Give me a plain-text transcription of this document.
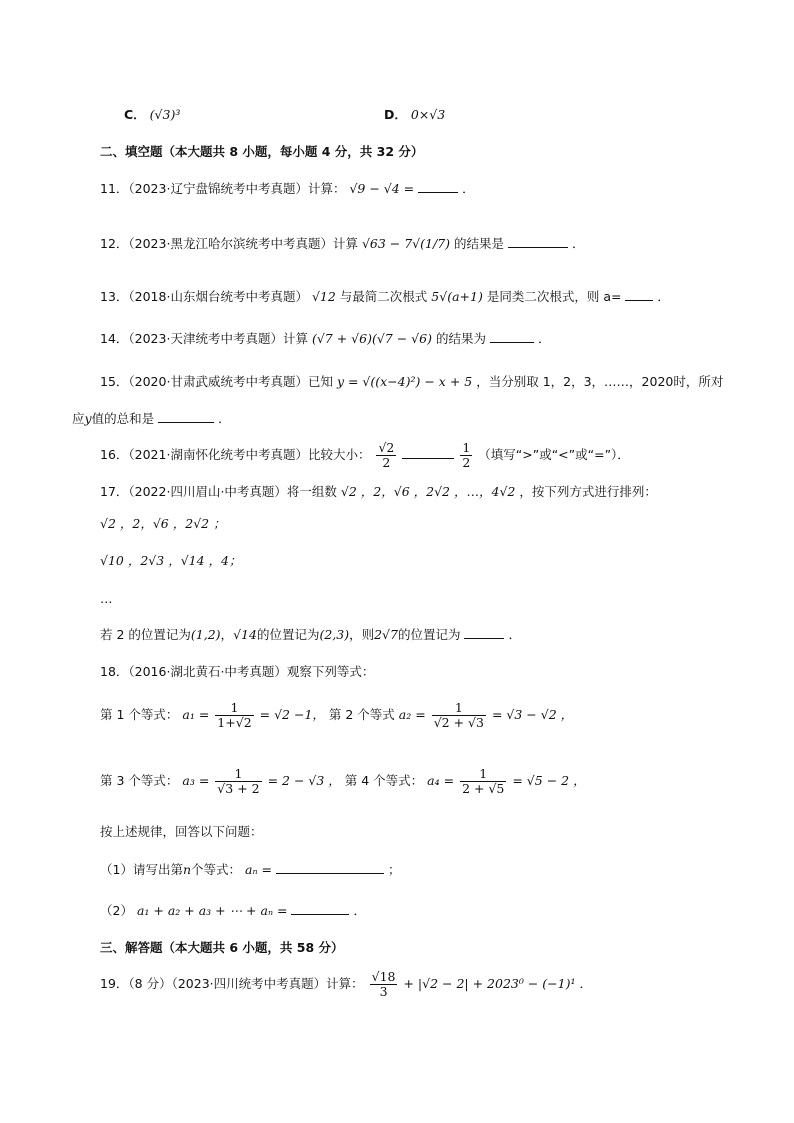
C． (√3)³	D． 0×√3
二、填空题（本大题共 8 小题，每小题 4 分，共 32 分）
11．（2023·辽宁盘锦统考中考真题）计算： √9 − √4 =	．
12．（2023·黑龙江哈尔滨统考中考真题）计算 √63 − 7√(1/7) 的结果是	．
13．（2018·山东烟台统考中考真题） √12 与最简二次根式 5√(a+1) 是同类二次根式，则 a=	．
14．（2023·天津统考中考真题）计算 (√7 + √6)(√7 − √6) 的结果为	．
15．（2020·甘肃武威统考中考真题）已知 y = √((x−4)²) − x + 5 ，当分别取 1，2，3，……，2020时，所对
应y值的总和是	．
16．（2021·湖南怀化统考中考真题）比较大小： $\frac{√2}{2}$
	$\frac{1}{2}$ （填写“>”或“<”或“=”）．
17．（2022·四川眉山·中考真题）将一组数 √2 ，2，√6 ，2√2 ，…，4√2 ，按下列方式进行排列：
√2 ，2，√6 ，2√2 ；
√10 ，2√3 ，√14 ，4；
…
若 2 的位置记为(1,2)，√14的位置记为(2,3)，则2√7的位置记为	．
18．（2016·湖北黄石·中考真题）观察下列等式：
第 1 个等式： $a_1 = \frac{1}{1+√2} = √2 -1$， 第 2 个等式 $a_2 = \frac{1}{√2 + √3} = √3 - √2$ ，
第 3 个等式： $a_3 = \frac{1}{√3 + 2} = 2 - √3$ ， 第 4 个等式： $a_4 = \frac{1}{2 + √5} = √5 - 2$ ，
按上述规律，回答以下问题：
（1）请写出第n个等式： aₙ =	；
（2） a₁ + a₂ + a₃ + ⋯ + aₙ =	．
三、解答题（本大题共 6 小题，共 58 分）
19．（8 分）（2023·四川统考中考真题）计算： $\frac{√18}{3} + |√2 - 2| + 2023^0 - (-1)^1$ ．
